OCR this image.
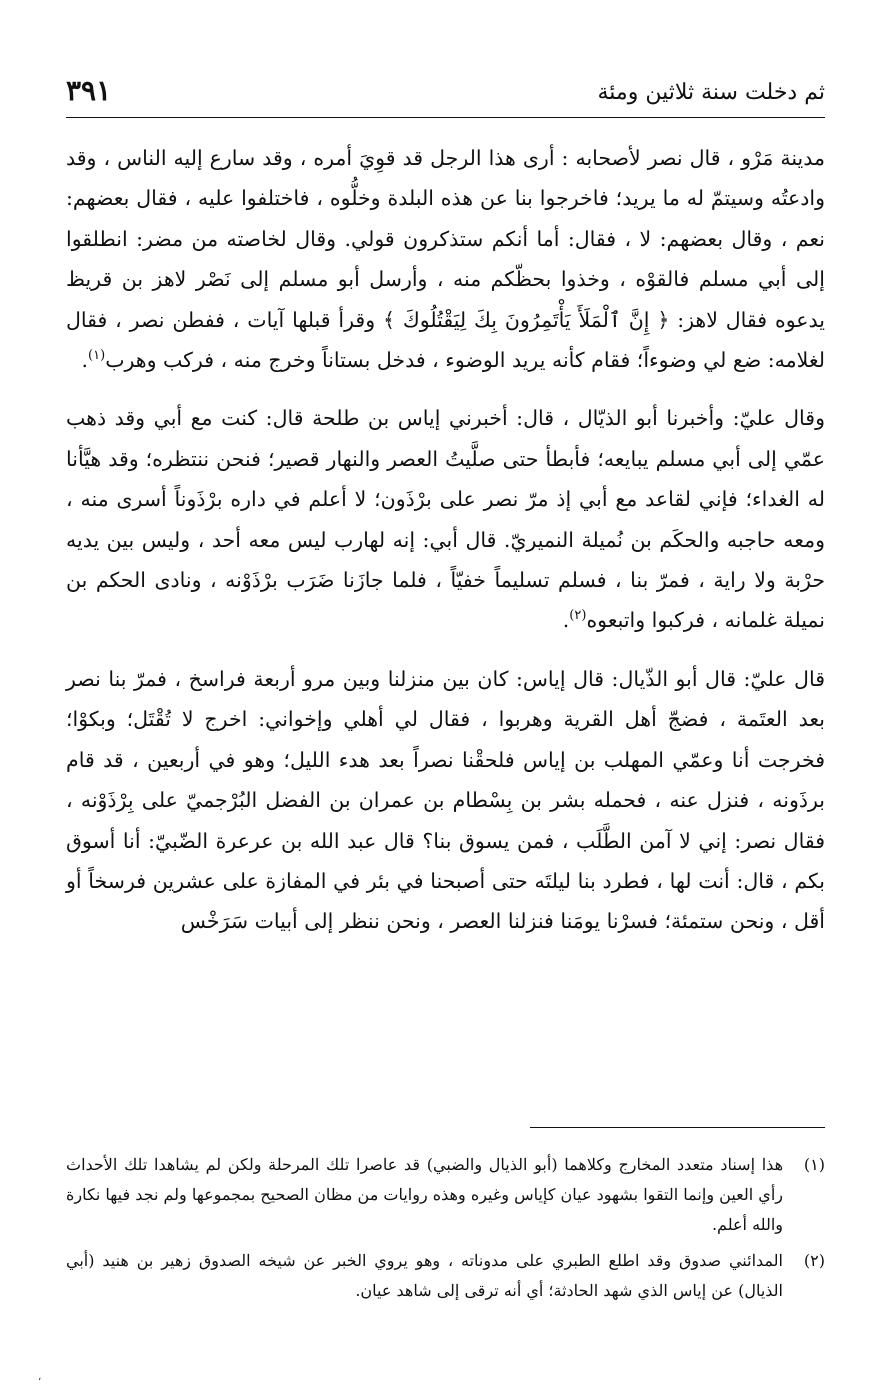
ثم دخلت سنة ثلاثين ومئة
٣٩١

مدينة مَرْو ، قال نصر لأصحابه : أرى هذا الرجل قد قوِيَ أمره ، وقد سارع إليه الناس ، وقد وادعتُه وسيتمّ له ما يريد؛ فاخرجوا بنا عن هذه البلدة وخلُّوه ، فاختلفوا عليه ، فقال بعضهم: نعم ، وقال بعضهم: لا ، فقال: أما أنكم ستذكرون قولي. وقال لخاصته من مضر: انطلقوا إلى أبي مسلم فالقوْه ، وخذوا بحظّكم منه ، وأرسل أبو مسلم إلى نَصْر لاهز بن قريظ يدعوه فقال لاهز: ﴿ إِنَّ ٱلْمَلَأَ يَأْتَمِرُونَ بِكَ لِيَقْتُلُوكَ ﴾ وقرأ قبلها آيات ، ففطن نصر ، فقال لغلامه: ضع لي وضوءاً؛ فقام كأنه يريد الوضوء ، فدخل بستاناً وخرج منه ، فركب وهرب$^{(١)}$.

وقال عليّ: وأخبرنا أبو الذيّال ، قال: أخبرني إياس بن طلحة قال: كنت مع أبي وقد ذهب عمّي إلى أبي مسلم يبايعه؛ فأبطأ حتى صلَّيتُ العصر والنهار قصير؛ فنحن ننتظره؛ وقد هيَّأنا له الغداء؛ فإني لقاعد مع أبي إذ مرّ نصر على برْذَون؛ لا أعلم في داره برْذَوناً أسرى منه ، ومعه حاجبه والحكَم بن نُميلة النميريّ. قال أبي: إنه لهارب ليس معه أحد ، وليس بين يديه حرْبة ولا راية ، فمرّ بنا ، فسلم تسليماً خفيّاً ، فلما جازَنا ضَرَب برْذَوْنه ، ونادى الحكم بن نميلة غلمانه ، فركبوا واتبعوه$^{(٢)}$.

قال عليّ: قال أبو الذّيال: قال إياس: كان بين منزلنا وبين مرو أربعة فراسخ ، فمرّ بنا نصر بعد العتَمة ، فضجّ أهل القرية وهربوا ، فقال لي أهلي وإخواني: اخرج لا تُقْتَل؛ وبكوْا؛ فخرجت أنا وعمّي المهلب بن إياس فلحقْنا نصراً بعد هدء الليل؛ وهو في أربعين ، قد قام برذَونه ، فنزل عنه ، فحمله بشر بن بِسْطام بن عمران بن الفضل البُرْجميّ على بِرْذَوْنه ، فقال نصر: إني لا آمن الطَّلَب ، فمن يسوق بنا؟ قال عبد الله بن عرعرة الضّبيّ: أنا أسوق بكم ، قال: أنت لها ، فطرد بنا ليلتَه حتى أصبحنا في بئر في المفازة على عشرين فرسخاً أو أقل ، ونحن ستمئة؛ فسرْنا يومَنا فنزلنا العصر ، ونحن ننظر إلى أبيات سَرَخْس

(١)
هذا إسناد متعدد المخارج وكلاهما (أبو الذيال والضبي) قد عاصرا تلك المرحلة ولكن لم يشاهدا تلك الأحداث رأي العين وإنما التقوا بشهود عيان كإياس وغيره وهذه روايات من مظان الصحيح بمجموعها ولم نجد فيها نكارة والله أعلم.
(٢)
المدائني صدوق وقد اطلع الطبري على مدوناته ، وهو يروي الخبر عن شيخه الصدوق زهير بن هنيد (أبي الذيال) عن إياس الذي شهد الحادثة؛ أي أنه ترقى إلى شاهد عيان.
،
